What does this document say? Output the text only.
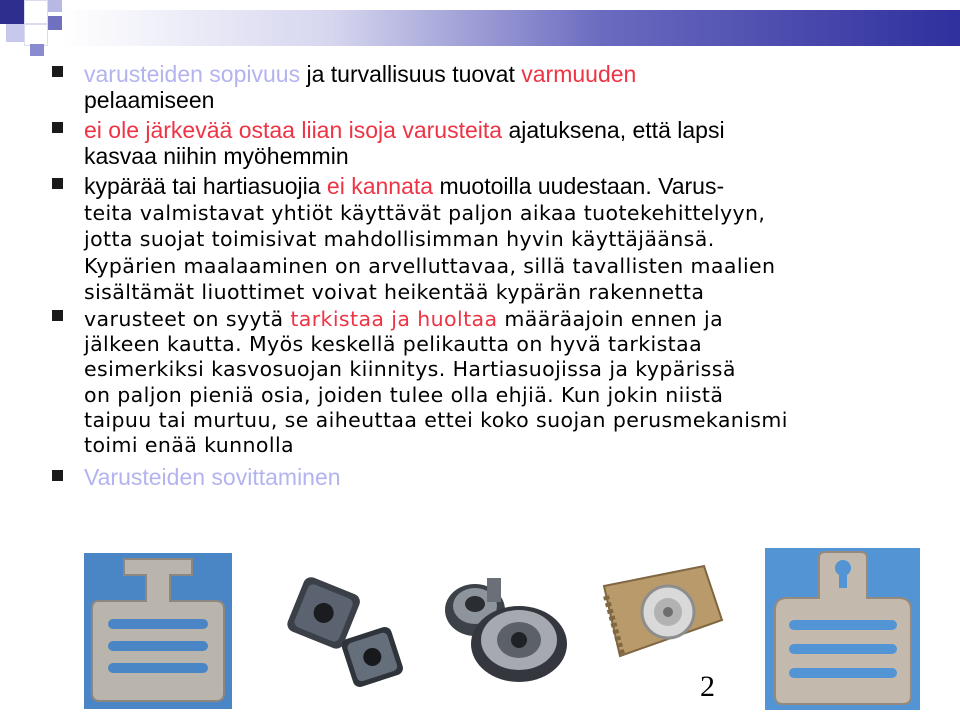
varusteiden sopivuus ja turvallisuus tuovat varmuuden
pelaamiseen
ei ole järkevää ostaa liian isoja varusteita ajatuksena, että lapsi
kasvaa niihin myöhemmin
kypärää tai hartiasuojia ei kannata muotoilla uudestaan. Varus-
teita valmistavat yhtiöt käyttävät paljon aikaa tuotekehittelyyn,
jotta suojat toimisivat mahdollisimman hyvin käyttäjäänsä.
Kypärien maalaaminen on arvelluttavaa, sillä tavallisten maalien
sisältämät liuottimet voivat heikentää kypärän rakennetta
varusteet on syytä tarkistaa ja huoltaa määräajoin ennen ja
jälkeen kautta. Myös keskellä pelikautta on hyvä tarkistaa
esimerkiksi kasvosuojan kiinnitys. Hartiasuojissa ja kypärissä
on paljon pieniä osia, joiden tulee olla ehjiä. Kun jokin niistä
taipuu tai murtuu, se aiheuttaa ettei koko suojan perusmekanismi
toimi enää kunnolla
Varusteiden sovittaminen
2
